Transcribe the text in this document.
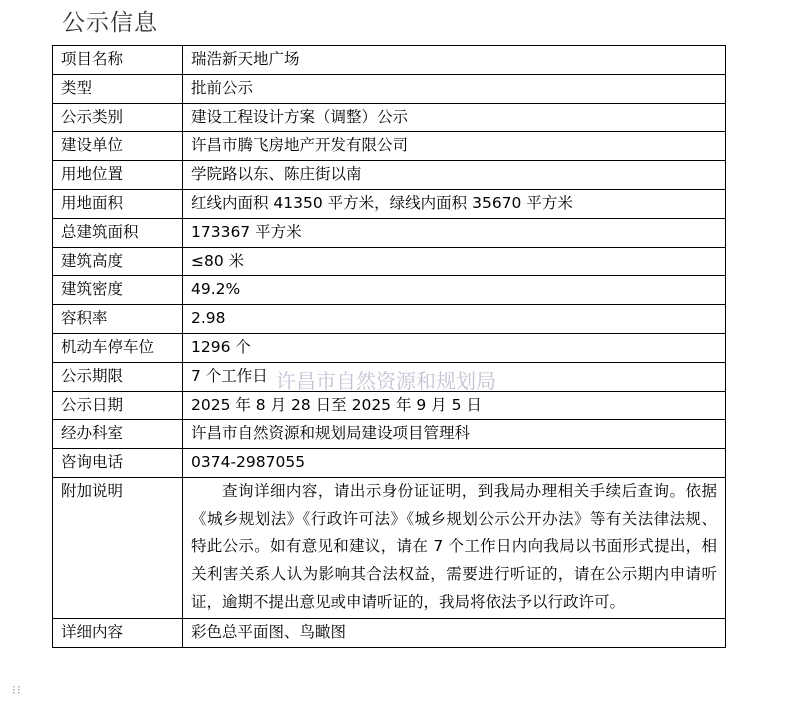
公示信息
项目名称	瑞浩新天地广场
类型	批前公示
公示类别	建设工程设计方案（调整）公示
建设单位	许昌市腾飞房地产开发有限公司
用地位置	学院路以东、陈庄街以南
用地面积	红线内面积 41350 平方米，绿线内面积 35670 平方米
总建筑面积	173367 平方米
建筑高度	≤80 米
建筑密度	49.2%
容积率	2.98
机动车停车位	1296 个
公示期限	7 个工作日
公示日期	2025 年 8 月 28 日至 2025 年 9 月 5 日
经办科室	许昌市自然资源和规划局建设项目管理科
咨询电话	0374-2987055
附加说明	查询详细内容，请出示身份证证明，到我局办理相关手续后查询。依据《城乡规划法》《行政许可法》《城乡规划公示公开办法》等有关法律法规、特此公示。如有意见和建议，请在 7 个工作日内向我局以书面形式提出，相关利害关系人认为影响其合法权益，需要进行听证的，请在公示期内申请听证，逾期不提出意见或申请听证的，我局将依法予以行政许可。
详细内容	彩色总平面图、鸟瞰图
许昌市自然资源和规划局
⁝⁝
